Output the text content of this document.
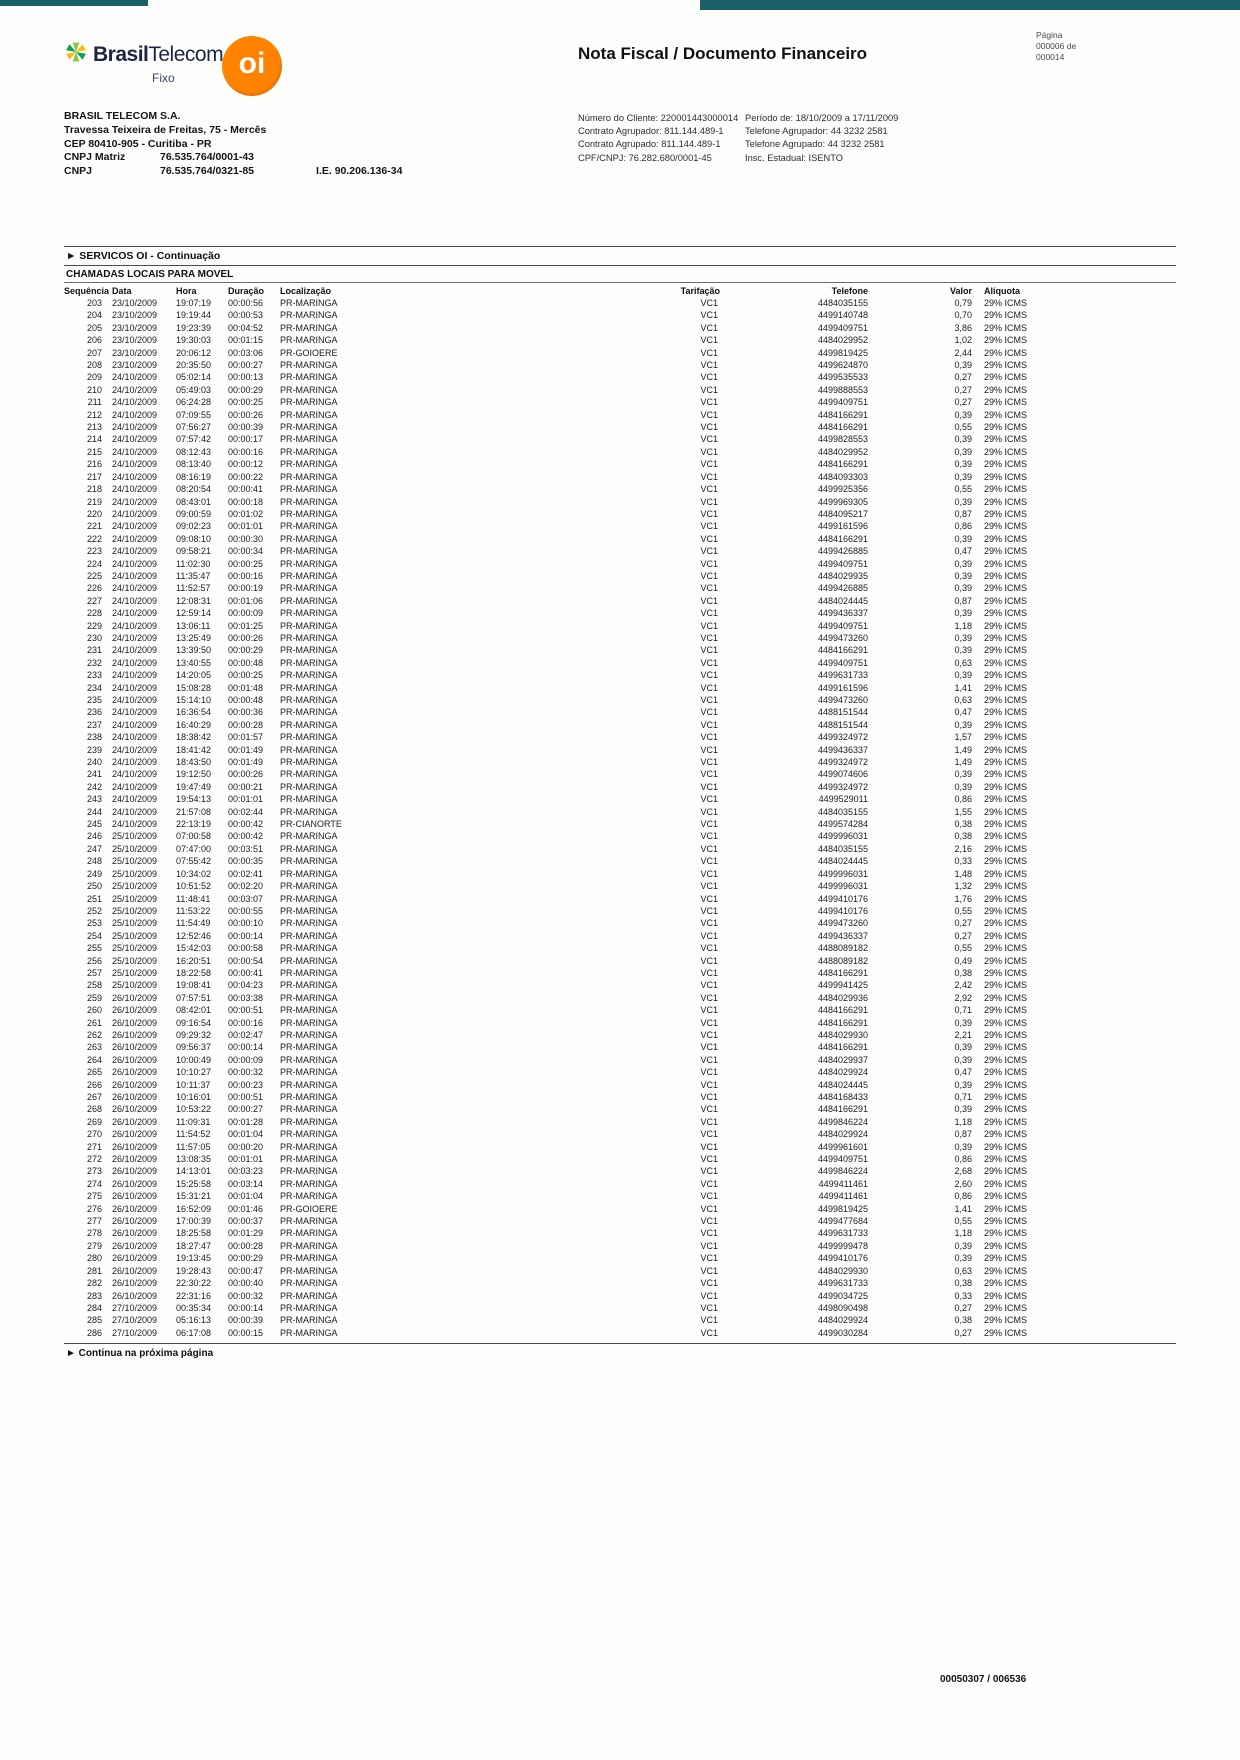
BrasilTelecom
Fixo	oi	Nota Fiscal / Documento Financeiro
Página
000006 de
000014
BRASIL TELECOM S.A.
Travessa Teixeira de Freitas, 75 - Mercês
CEP 80410-905 - Curitiba - PR
CNPJ Matriz	76.535.764/0001-43
CNPJ	76.535.764/0321-85	I.E. 90.206.136-34
Número do Cliente: 220001443000014
Contrato Agrupador: 811.144.489-1
Contrato Agrupado: 811.144.489-1
CPF/CNPJ: 76.282.680/0001-45
Período de: 18/10/2009 a 17/11/2009
Telefone Agrupador: 44 3232 2581
Telefone Agrupado: 44 3232 2581
Insc. Estadual: ISENTO
► SERVICOS OI - Continuação
CHAMADAS LOCAIS PARA MOVEL
Sequência	Data	Hora	Duração	Localização	Tarifação	Telefone	Valor	Alíquota
203	23/10/2009	19:07:19	00:00:56	PR-MARINGA	VC1	4484035155	0,79	29% ICMS
204	23/10/2009	19:19:44	00:00:53	PR-MARINGA	VC1	4499140748	0,70	29% ICMS
205	23/10/2009	19:23:39	00:04:52	PR-MARINGA	VC1	4499409751	3,86	29% ICMS
206	23/10/2009	19:30:03	00:01:15	PR-MARINGA	VC1	4484029952	1,02	29% ICMS
207	23/10/2009	20:06:12	00:03:06	PR-GOIOERE	VC1	4499819425	2,44	29% ICMS
208	23/10/2009	20:35:50	00:00:27	PR-MARINGA	VC1	4499624870	0,39	29% ICMS
209	24/10/2009	05:02:14	00:00:13	PR-MARINGA	VC1	4499535533	0,27	29% ICMS
210	24/10/2009	05:49:03	00:00:29	PR-MARINGA	VC1	4499888553	0,27	29% ICMS
211	24/10/2009	06:24:28	00:00:25	PR-MARINGA	VC1	4499409751	0,27	29% ICMS
212	24/10/2009	07:09:55	00:00:26	PR-MARINGA	VC1	4484166291	0,39	29% ICMS
213	24/10/2009	07:56:27	00:00:39	PR-MARINGA	VC1	4484166291	0,55	29% ICMS
214	24/10/2009	07:57:42	00:00:17	PR-MARINGA	VC1	4499828553	0,39	29% ICMS
215	24/10/2009	08:12:43	00:00:16	PR-MARINGA	VC1	4484029952	0,39	29% ICMS
216	24/10/2009	08:13:40	00:00:12	PR-MARINGA	VC1	4484166291	0,39	29% ICMS
217	24/10/2009	08:16:19	00:00:22	PR-MARINGA	VC1	4484093303	0,39	29% ICMS
218	24/10/2009	08:20:54	00:00:41	PR-MARINGA	VC1	4499925356	0,55	29% ICMS
219	24/10/2009	08:43:01	00:00:18	PR-MARINGA	VC1	4499969305	0,39	29% ICMS
220	24/10/2009	09:00:59	00:01:02	PR-MARINGA	VC1	4484095217	0,87	29% ICMS
221	24/10/2009	09:02:23	00:01:01	PR-MARINGA	VC1	4499161596	0,86	29% ICMS
222	24/10/2009	09:08:10	00:00:30	PR-MARINGA	VC1	4484166291	0,39	29% ICMS
223	24/10/2009	09:58:21	00:00:34	PR-MARINGA	VC1	4499426885	0,47	29% ICMS
224	24/10/2009	11:02:30	00:00:25	PR-MARINGA	VC1	4499409751	0,39	29% ICMS
225	24/10/2009	11:35:47	00:00:16	PR-MARINGA	VC1	4484029935	0,39	29% ICMS
226	24/10/2009	11:52:57	00:00:19	PR-MARINGA	VC1	4499426885	0,39	29% ICMS
227	24/10/2009	12:08:31	00:01:06	PR-MARINGA	VC1	4484024445	0,87	29% ICMS
228	24/10/2009	12:59:14	00:00:09	PR-MARINGA	VC1	4499436337	0,39	29% ICMS
229	24/10/2009	13:06:11	00:01:25	PR-MARINGA	VC1	4499409751	1,18	29% ICMS
230	24/10/2009	13:25:49	00:00:26	PR-MARINGA	VC1	4499473260	0,39	29% ICMS
231	24/10/2009	13:39:50	00:00:29	PR-MARINGA	VC1	4484166291	0,39	29% ICMS
232	24/10/2009	13:40:55	00:00:48	PR-MARINGA	VC1	4499409751	0,63	29% ICMS
233	24/10/2009	14:20:05	00:00:25	PR-MARINGA	VC1	4499631733	0,39	29% ICMS
234	24/10/2009	15:08:28	00:01:48	PR-MARINGA	VC1	4499161596	1,41	29% ICMS
235	24/10/2009	15:14:10	00:00:48	PR-MARINGA	VC1	4499473260	0,63	29% ICMS
236	24/10/2009	16:36:54	00:00:36	PR-MARINGA	VC1	4488151544	0,47	29% ICMS
237	24/10/2009	16:40:29	00:00:28	PR-MARINGA	VC1	4488151544	0,39	29% ICMS
238	24/10/2009	18:38:42	00:01:57	PR-MARINGA	VC1	4499324972	1,57	29% ICMS
239	24/10/2009	18:41:42	00:01:49	PR-MARINGA	VC1	4499436337	1,49	29% ICMS
240	24/10/2009	18:43:50	00:01:49	PR-MARINGA	VC1	4499324972	1,49	29% ICMS
241	24/10/2009	19:12:50	00:00:26	PR-MARINGA	VC1	4499074606	0,39	29% ICMS
242	24/10/2009	19:47:49	00:00:21	PR-MARINGA	VC1	4499324972	0,39	29% ICMS
243	24/10/2009	19:54:13	00:01:01	PR-MARINGA	VC1	4499529011	0,86	29% ICMS
244	24/10/2009	21:57:08	00:02:44	PR-MARINGA	VC1	4484035155	1,55	29% ICMS
245	24/10/2009	22:13:19	00:00:42	PR-CIANORTE	VC1	4499574284	0,38	29% ICMS
246	25/10/2009	07:00:58	00:00:42	PR-MARINGA	VC1	4499996031	0,38	29% ICMS
247	25/10/2009	07:47:00	00:03:51	PR-MARINGA	VC1	4484035155	2,16	29% ICMS
248	25/10/2009	07:55:42	00:00:35	PR-MARINGA	VC1	4484024445	0,33	29% ICMS
249	25/10/2009	10:34:02	00:02:41	PR-MARINGA	VC1	4499996031	1,48	29% ICMS
250	25/10/2009	10:51:52	00:02:20	PR-MARINGA	VC1	4499996031	1,32	29% ICMS
251	25/10/2009	11:48:41	00:03:07	PR-MARINGA	VC1	4499410176	1,76	29% ICMS
252	25/10/2009	11:53:22	00:00:55	PR-MARINGA	VC1	4499410176	0,55	29% ICMS
253	25/10/2009	11:54:49	00:00:10	PR-MARINGA	VC1	4499473260	0,27	29% ICMS
254	25/10/2009	12:52:46	00:00:14	PR-MARINGA	VC1	4499436337	0,27	29% ICMS
255	25/10/2009	15:42:03	00:00:58	PR-MARINGA	VC1	4488089182	0,55	29% ICMS
256	25/10/2009	16:20:51	00:00:54	PR-MARINGA	VC1	4488089182	0,49	29% ICMS
257	25/10/2009	18:22:58	00:00:41	PR-MARINGA	VC1	4484166291	0,38	29% ICMS
258	25/10/2009	19:08:41	00:04:23	PR-MARINGA	VC1	4499941425	2,42	29% ICMS
259	26/10/2009	07:57:51	00:03:38	PR-MARINGA	VC1	4484029936	2,92	29% ICMS
260	26/10/2009	08:42:01	00:00:51	PR-MARINGA	VC1	4484166291	0,71	29% ICMS
261	26/10/2009	09:16:54	00:00:16	PR-MARINGA	VC1	4484166291	0,39	29% ICMS
262	26/10/2009	09:29:32	00:02:47	PR-MARINGA	VC1	4484029930	2,21	29% ICMS
263	26/10/2009	09:56:37	00:00:14	PR-MARINGA	VC1	4484166291	0,39	29% ICMS
264	26/10/2009	10:00:49	00:00:09	PR-MARINGA	VC1	4484029937	0,39	29% ICMS
265	26/10/2009	10:10:27	00:00:32	PR-MARINGA	VC1	4484029924	0,47	29% ICMS
266	26/10/2009	10:11:37	00:00:23	PR-MARINGA	VC1	4484024445	0,39	29% ICMS
267	26/10/2009	10:16:01	00:00:51	PR-MARINGA	VC1	4484168433	0,71	29% ICMS
268	26/10/2009	10:53:22	00:00:27	PR-MARINGA	VC1	4484166291	0,39	29% ICMS
269	26/10/2009	11:09:31	00:01:28	PR-MARINGA	VC1	4499846224	1,18	29% ICMS
270	26/10/2009	11:54:52	00:01:04	PR-MARINGA	VC1	4484029924	0,87	29% ICMS
271	26/10/2009	11:57:05	00:00:20	PR-MARINGA	VC1	4499961601	0,39	29% ICMS
272	26/10/2009	13:08:35	00:01:01	PR-MARINGA	VC1	4499409751	0,86	29% ICMS
273	26/10/2009	14:13:01	00:03:23	PR-MARINGA	VC1	4499846224	2,68	29% ICMS
274	26/10/2009	15:25:58	00:03:14	PR-MARINGA	VC1	4499411461	2,60	29% ICMS
275	26/10/2009	15:31:21	00:01:04	PR-MARINGA	VC1	4499411461	0,86	29% ICMS
276	26/10/2009	16:52:09	00:01:46	PR-GOIOERE	VC1	4499819425	1,41	29% ICMS
277	26/10/2009	17:00:39	00:00:37	PR-MARINGA	VC1	4499477684	0,55	29% ICMS
278	26/10/2009	18:25:58	00:01:29	PR-MARINGA	VC1	4499631733	1,18	29% ICMS
279	26/10/2009	18:27:47	00:00:28	PR-MARINGA	VC1	4499999478	0,39	29% ICMS
280	26/10/2009	19:13:45	00:00:29	PR-MARINGA	VC1	4499410176	0,39	29% ICMS
281	26/10/2009	19:28:43	00:00:47	PR-MARINGA	VC1	4484029930	0,63	29% ICMS
282	26/10/2009	22:30:22	00:00:40	PR-MARINGA	VC1	4499631733	0,38	29% ICMS
283	26/10/2009	22:31:16	00:00:32	PR-MARINGA	VC1	4499034725	0,33	29% ICMS
284	27/10/2009	00:35:34	00:00:14	PR-MARINGA	VC1	4498090498	0,27	29% ICMS
285	27/10/2009	05:16:13	00:00:39	PR-MARINGA	VC1	4484029924	0,38	29% ICMS
286	27/10/2009	06:17:08	00:00:15	PR-MARINGA	VC1	4499030284	0,27	29% ICMS
► Continua na próxima página
00050307 / 006536
